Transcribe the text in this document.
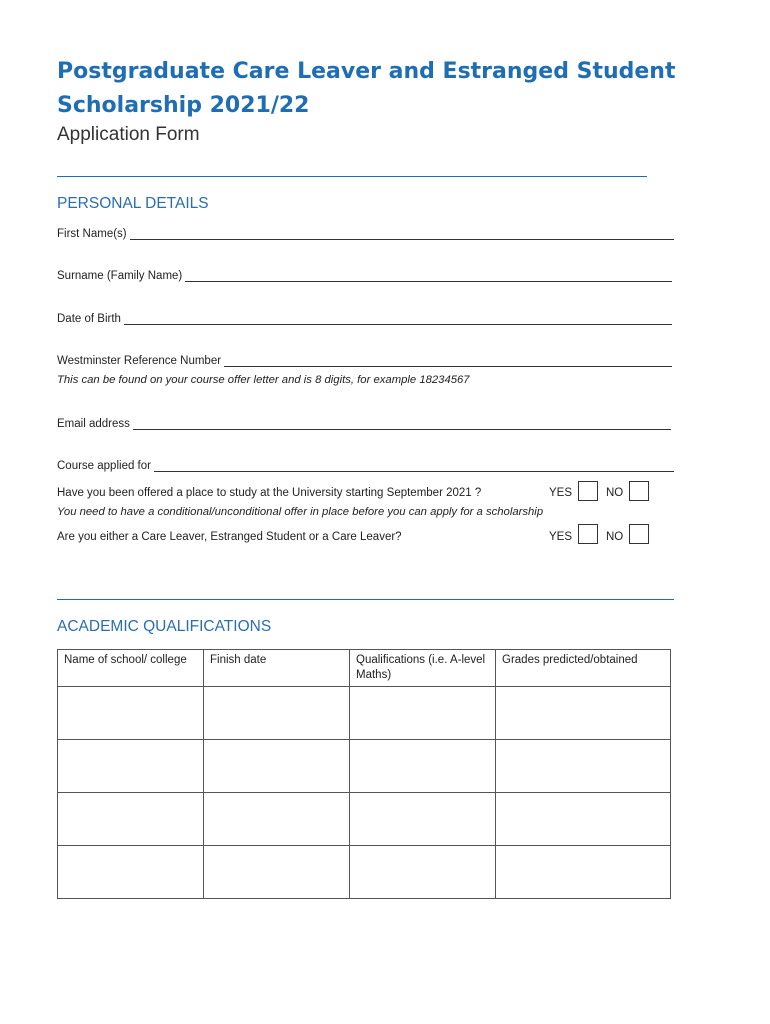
Postgraduate Care Leaver and Estranged Student Scholarship 2021/22
Application Form
PERSONAL DETAILS
First Name(s)
Surname (Family Name)
Date of Birth
Westminster Reference Number
This can be found on your course offer letter and is 8 digits, for example 18234567
Email address
Course applied for
Have you been offered a place to study at the University starting September 2021 ?	YES	NO
You need to have a conditional/unconditional offer in place before you can apply for a scholarship
Are you either a Care Leaver, Estranged Student or a Care Leaver?	YES	NO
ACADEMIC QUALIFICATIONS
Name of school/ college	Finish date	Qualifications (i.e. A-level Maths)	Grades predicted/obtained
